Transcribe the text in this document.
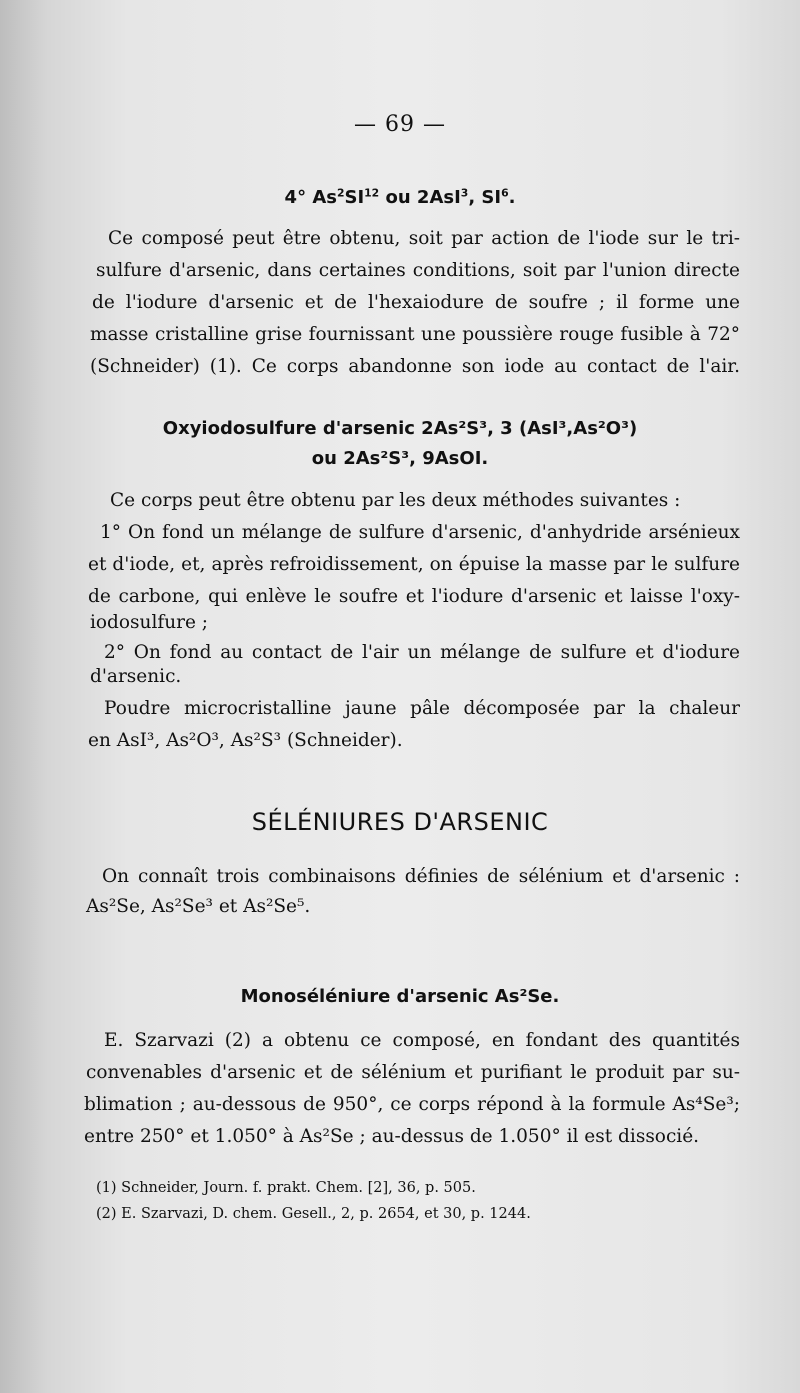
— 69 —
4° As$^2$SI$^{12}$ ou 2AsI$^3$, $SI^6$.
Ce composé peut être obtenu, soit par action de l'iode sur le tri-
sulfure d'arsenic, dans certaines conditions, soit par l'union directe
de l'iodure d'arsenic et de l'hexaiodure de soufre ; il forme une
masse cristalline grise fournissant une poussière rouge fusible à 72°
(Schneider) (1). Ce corps abandonne son iode au contact de l'air.
Oxyiodosulfure d'arsenic 2As²S³, 3 (AsI³,As²O³)
ou 2As²S³, 9AsOI.
Ce corps peut être obtenu par les deux méthodes suivantes :
1° On fond un mélange de sulfure d'arsenic, d'anhydride arsénieux
et d'iode, et, après refroidissement, on épuise la masse par le sulfure
de carbone, qui enlève le soufre et l'iodure d'arsenic et laisse l'oxy-
iodosulfure ;
2° On fond au contact de l'air un mélange de sulfure et d'iodure
d'arsenic.
Poudre microcristalline jaune pâle décomposée par la chaleur
en AsI³, As²O³, As²S³ (Schneider).
SÉLÉNIURES D'ARSENIC
On connaît trois combinaisons définies de sélénium et d'arsenic :
As²Se, As²Se³ et As²Se⁵.
Monoséléniure d'arsenic As²Se.
E. Szarvazi (2) a obtenu ce composé, en fondant des quantités
convenables d'arsenic et de sélénium et purifiant le produit par su-
blimation ; au-dessous de 950°, ce corps répond à la formule As⁴Se³;
entre 250° et 1.050° à As²Se ; au-dessus de 1.050° il est dissocié.
(1) Schneider, Journ. f. prakt. Chem. [2], 36, p. 505.
(2) E. Szarvazi, D. chem. Gesell., 2, p. 2654, et 30, p. 1244.
